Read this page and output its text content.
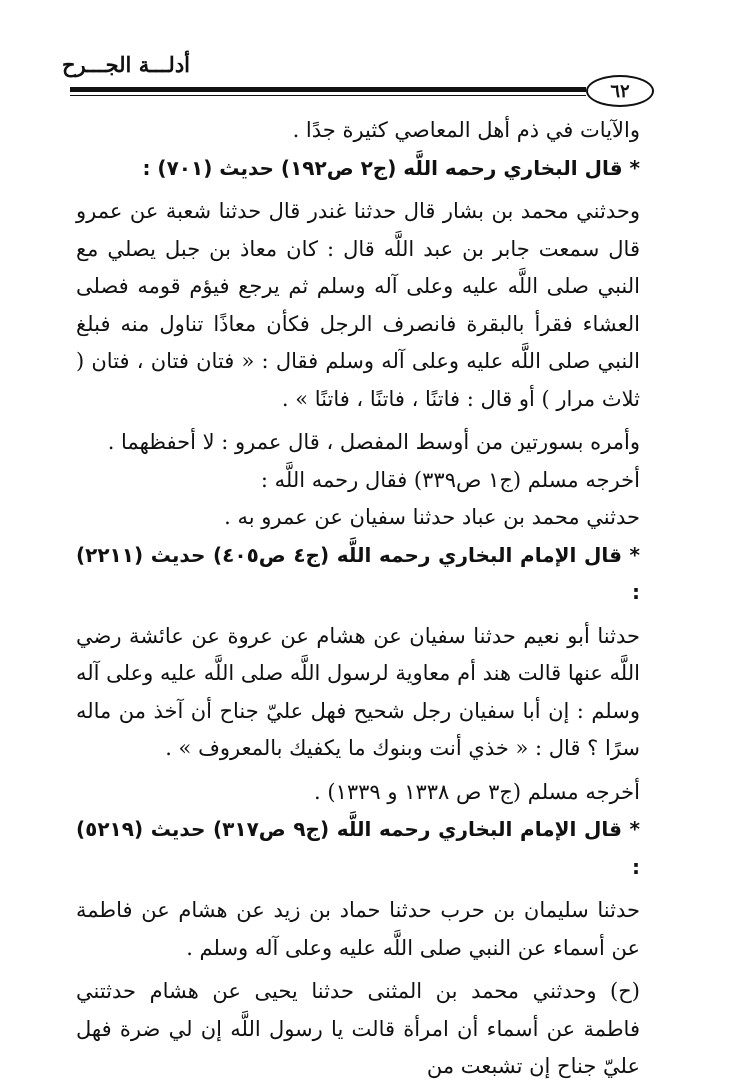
أدلـــة الجـــرح
٦٢

والآيات في ذم أهل المعاصي كثيرة جدًا .

* قال البخاري رحمه اللَّه (ج٢ ص١٩٢) حديث (٧٠١) :

وحدثني محمد بن بشار قال حدثنا غندر قال حدثنا شعبة عن عمرو قال سمعت جابر بن عبد اللَّه قال : كان معاذ بن جبل يصلي مع النبي صلى اللَّه عليه وعلى آله وسلم ثم يرجع فيؤم قومه فصلى العشاء فقرأ بالبقرة فانصرف الرجل فكأن معاذًا تناول منه فبلغ النبي صلى اللَّه عليه وعلى آله وسلم فقال : « فتان فتان ، فتان ( ثلاث مرار ) أو قال : فاتنًا ، فاتنًا ، فاتنًا » .

وأمره بسورتين من أوسط المفصل ، قال عمرو : لا أحفظهما .

أخرجه مسلم (ج١ ص٣٣٩) فقال رحمه اللَّه :

حدثني محمد بن عباد حدثنا سفيان عن عمرو به .

* قال الإمام البخاري رحمه اللَّه (ج٤ ص٤٠٥) حديث (٢٢١١) :

حدثنا أبو نعيم حدثنا سفيان عن هشام عن عروة عن عائشة رضي اللَّه عنها قالت هند أم معاوية لرسول اللَّه صلى اللَّه عليه وعلى آله وسلم : إن أبا سفيان رجل شحيح فهل عليّ جناح أن آخذ من ماله سرًا ؟ قال : « خذي أنت وبنوك ما يكفيك بالمعروف » .

أخرجه مسلم (ج٣ ص ١٣٣٨ و ١٣٣٩) .

* قال الإمام البخاري رحمه اللَّه (ج٩ ص٣١٧) حديث (٥٢١٩) :

حدثنا سليمان بن حرب حدثنا حماد بن زيد عن هشام عن فاطمة عن أسماء عن النبي صلى اللَّه عليه وعلى آله وسلم .

(ح) وحدثني محمد بن المثنى حدثنا يحيى عن هشام حدثتني فاطمة عن أسماء أن امرأة قالت يا رسول اللَّه إن لي ضرة فهل عليّ جناح إن تشبعت من
